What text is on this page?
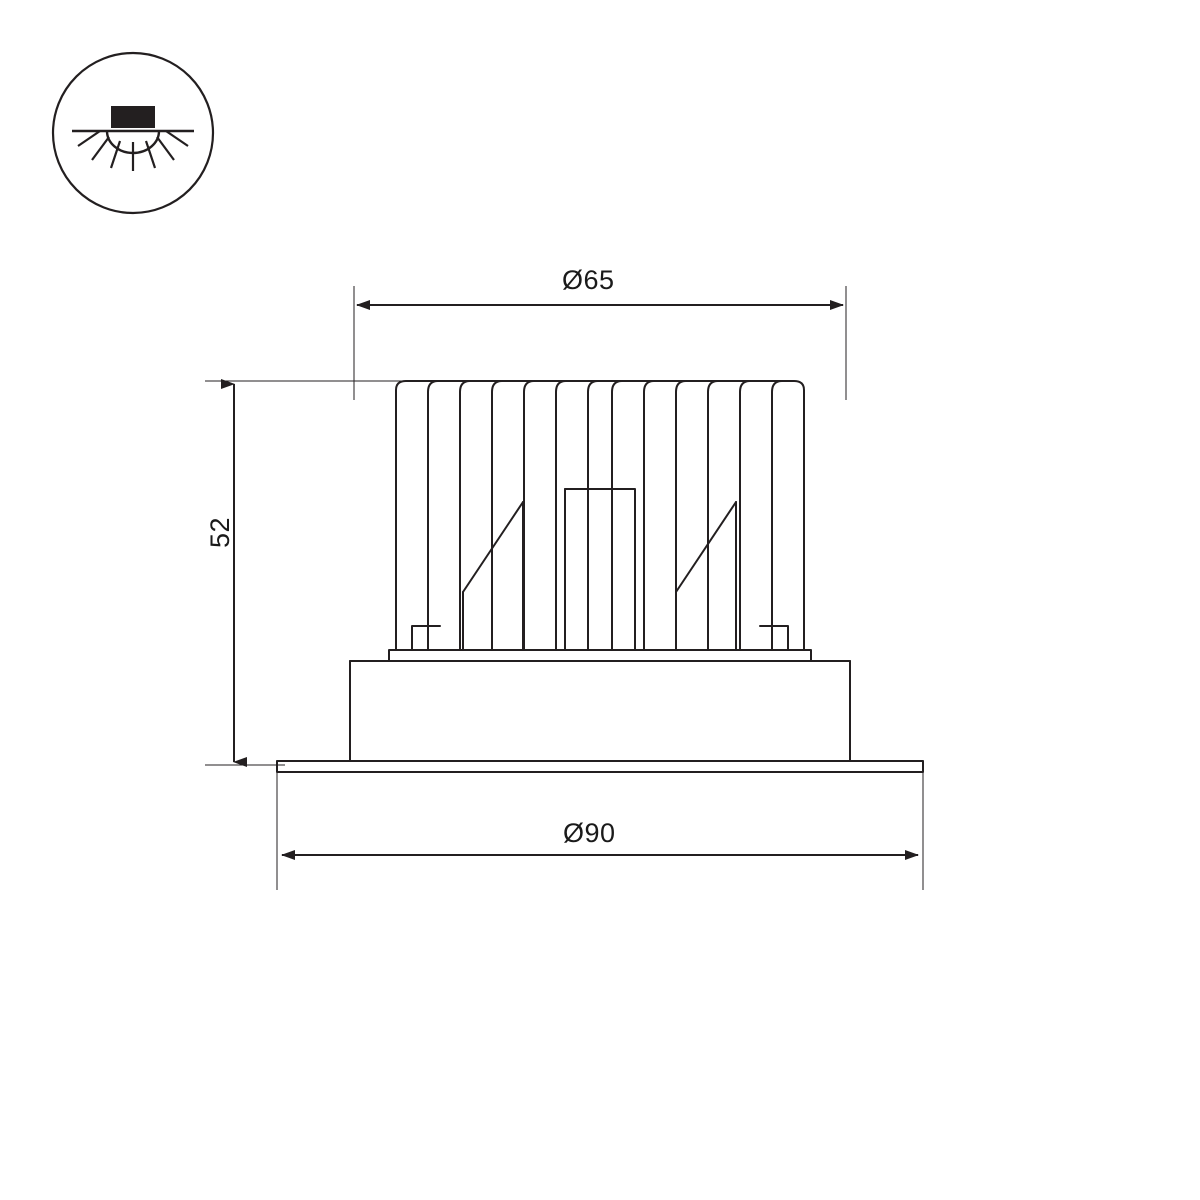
Ø65
Ø90
52
